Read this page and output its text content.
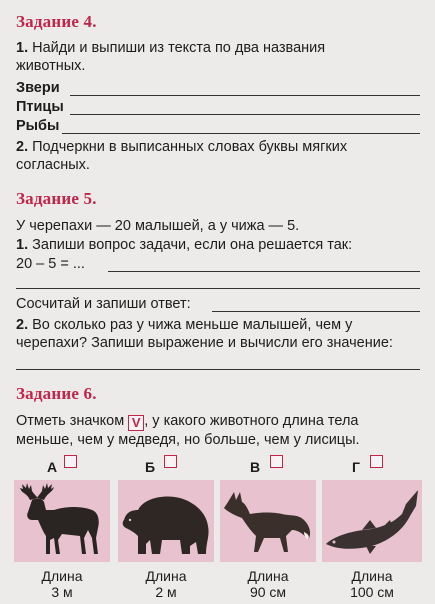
Задание 4.
1. Найди и выпиши из текста по два названия
животных.
Звери
Птицы
Рыбы
2. Подчеркни в выписанных словах буквы мягких
согласных.
Задание 5.
У черепахи — 20 малышей, а у чижа — 5.
1. Запиши вопрос задачи, если она решается так:
20 – 5 = ...
Сосчитай и запиши ответ:
2. Во сколько раз у чижа меньше малышей, чем у
черепахи? Запиши выражение и вычисли его значение:
Задание 6.
Отметь значком V , у какого животного длина тела
меньше, чем у медведя, но больше, чем у лисицы.
А	Б	В	Г
Длина
3 м
Длина
2 м
Длина
90 см
Длина
100 см
